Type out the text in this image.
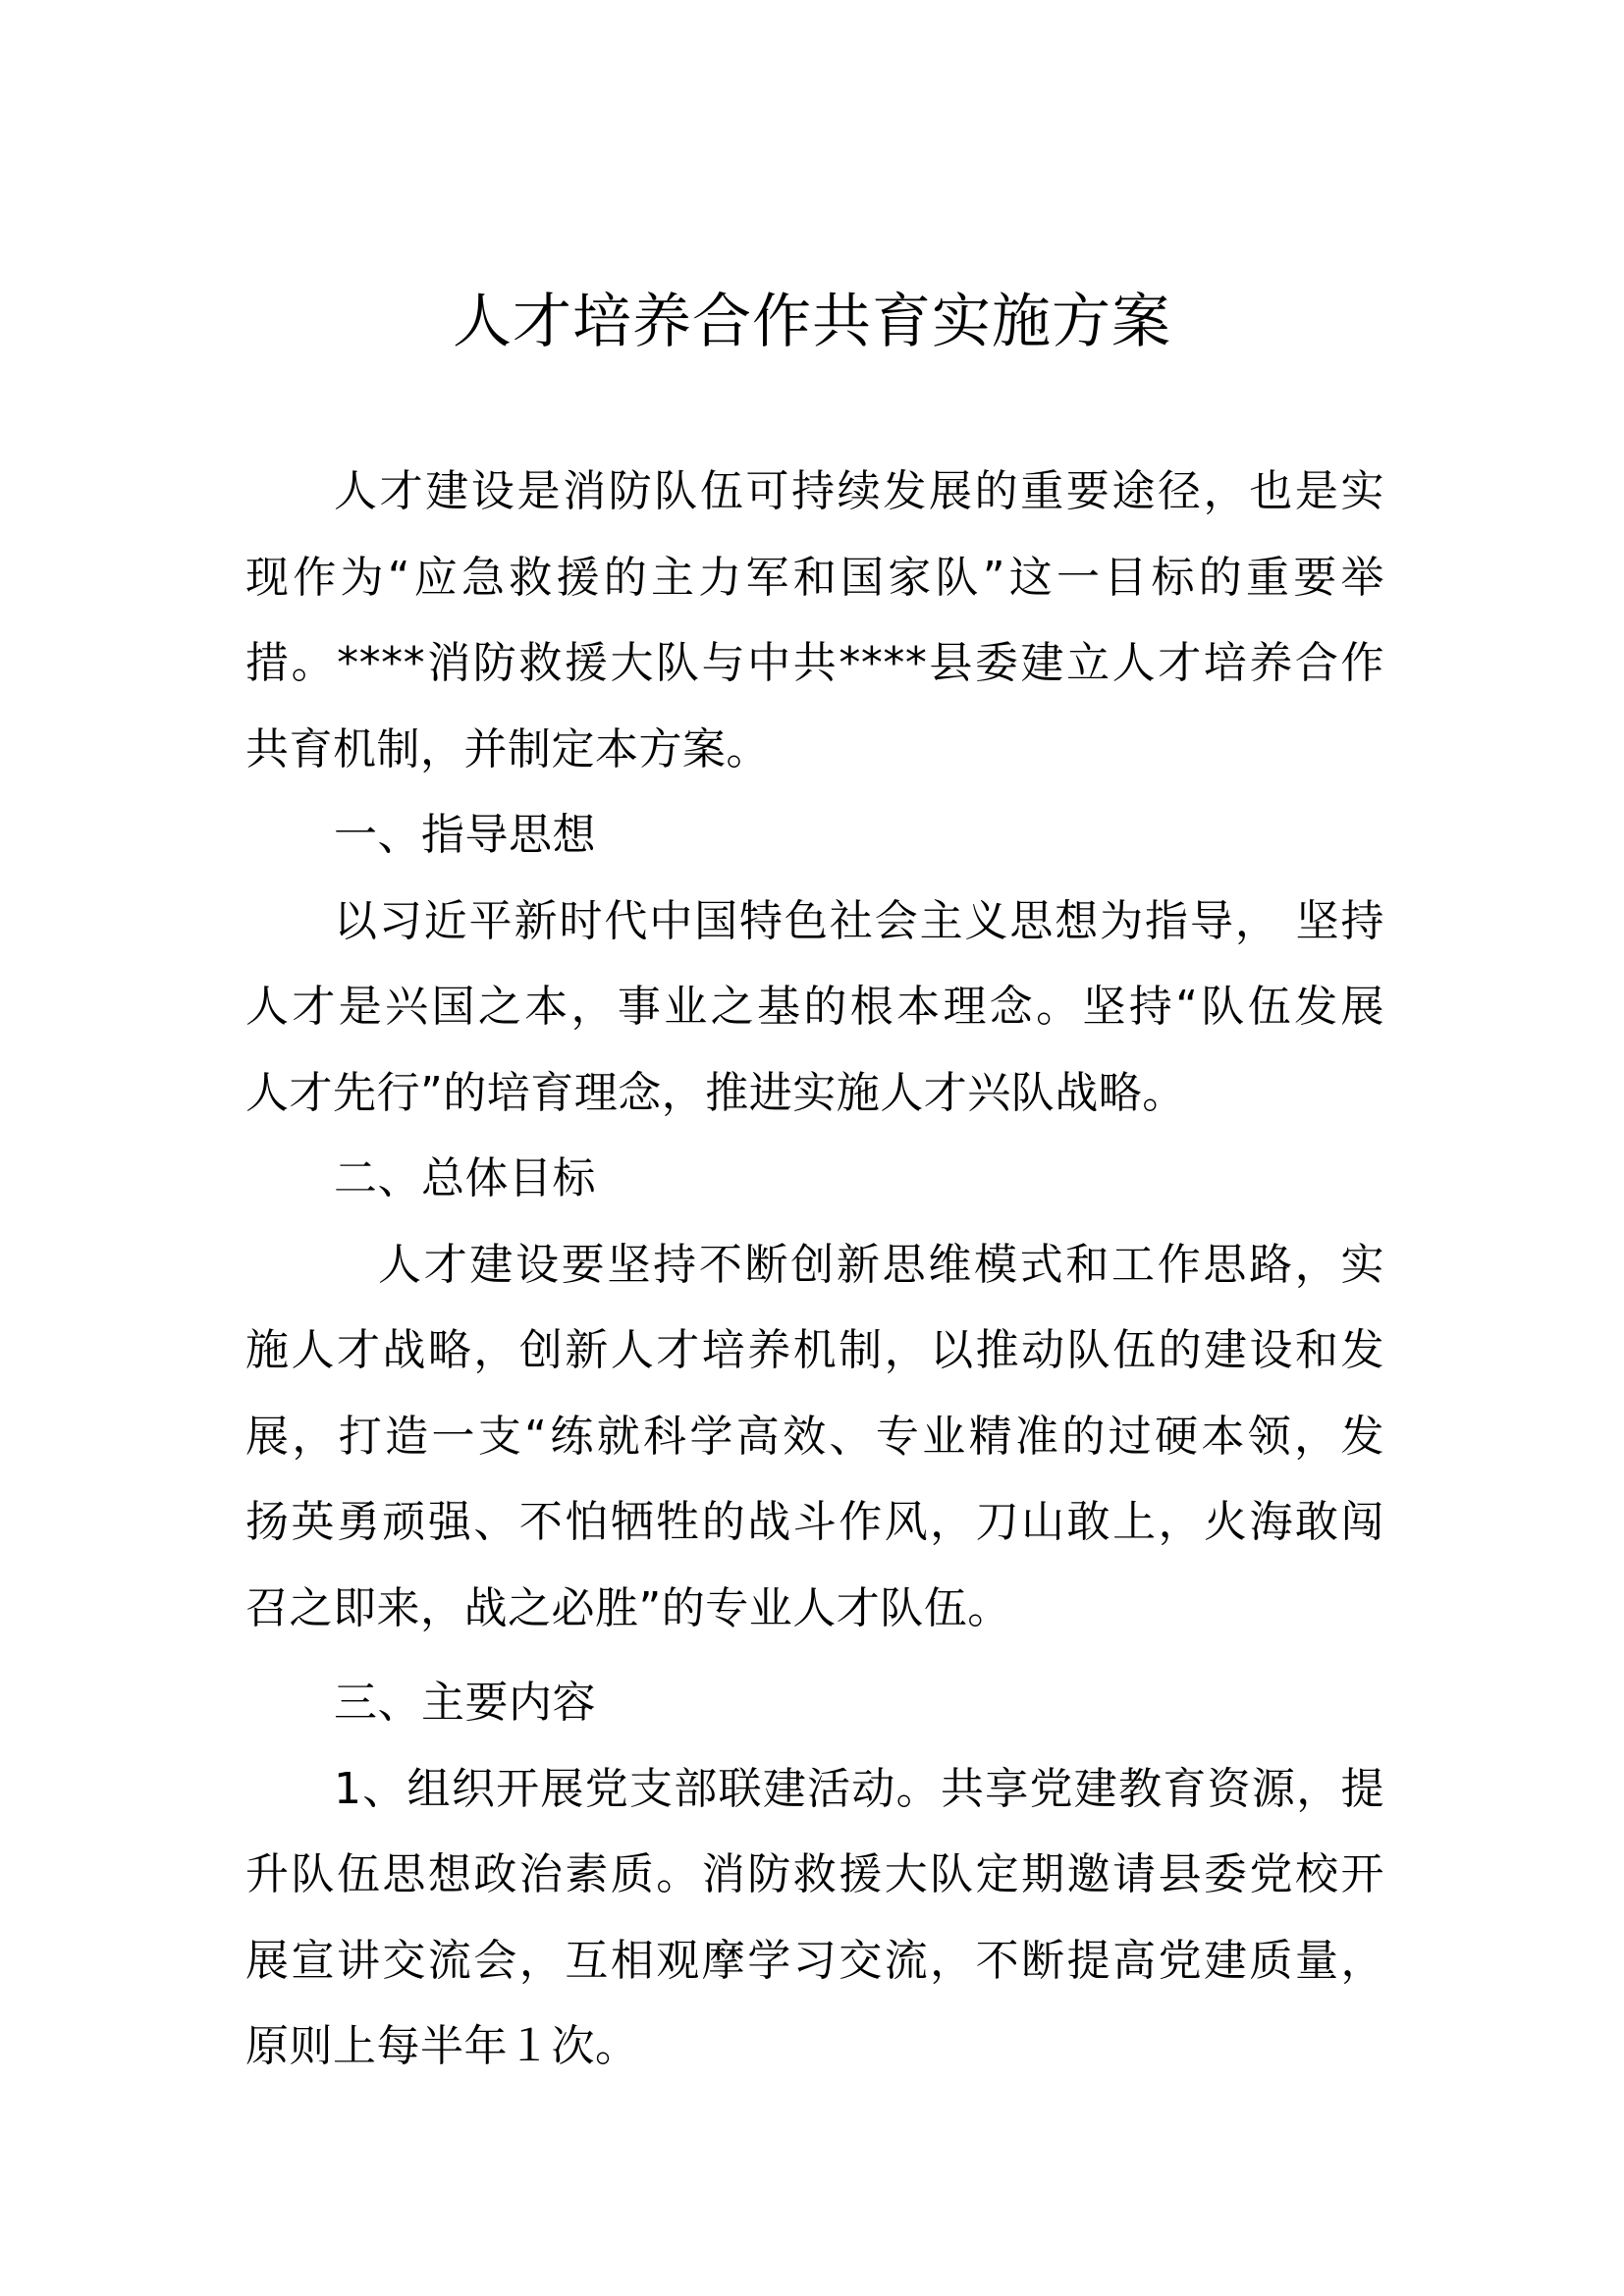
人才培养合作共育实施方案
人才建设是消防队伍可持续发展的重要途径，也是实
现作为“应急救援的主力军和国家队”这一目标的重要举
措。****消防救援大队与中共****县委建立人才培养合作
共育机制，并制定本方案。
一、指导思想
以习近平新时代中国特色社会主义思想为指导， 坚持
人才是兴国之本，事业之基的根本理念。坚持“队伍发展
人才先行”的培育理念，推进实施人才兴队战略。
二、总体目标
人才建设要坚持不断创新思维模式和工作思路，实
施人才战略，创新人才培养机制，以推动队伍的建设和发
展，打造一支“练就科学高效、专业精准的过硬本领，发
扬英勇顽强、不怕牺牲的战斗作风，刀山敢上，火海敢闯
召之即来，战之必胜”的专业人才队伍。
三、主要内容
1、组织开展党支部联建活动。共享党建教育资源，提
升队伍思想政治素质。消防救援大队定期邀请县委党校开
展宣讲交流会，互相观摩学习交流，不断提高党建质量，
原则上每半年１次。
